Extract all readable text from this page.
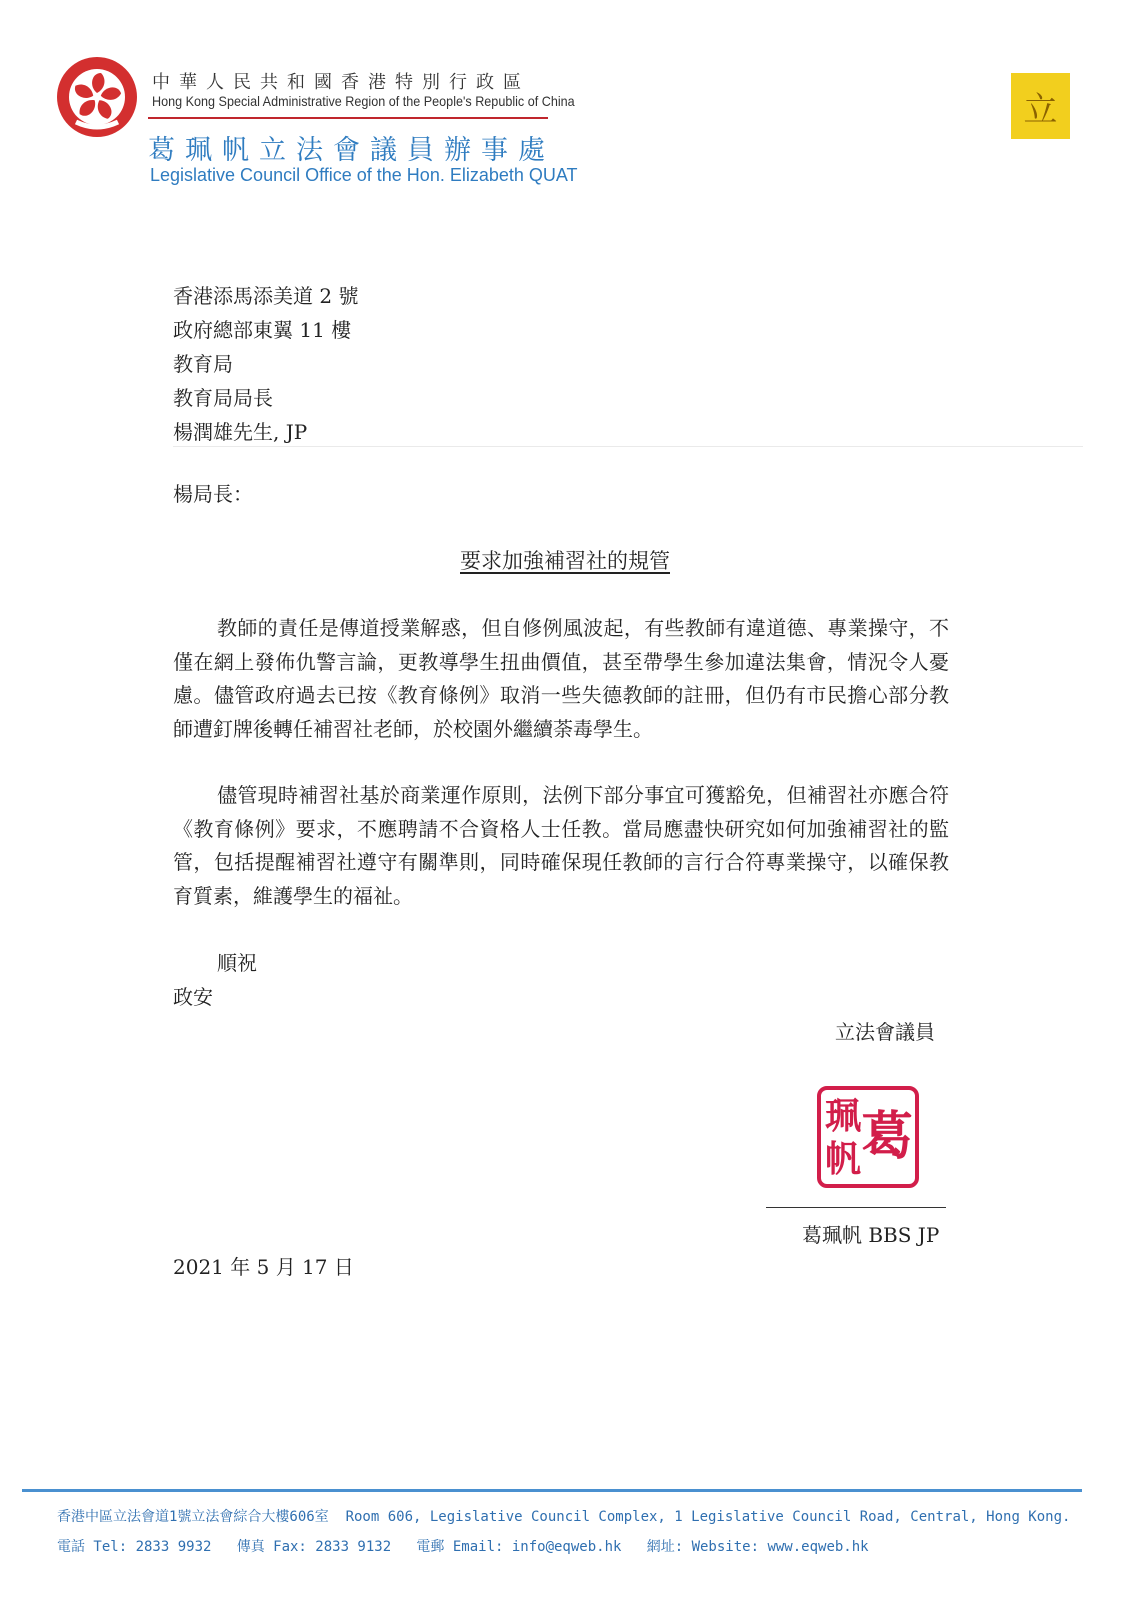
中華人民共和國香港特別行政區
Hong Kong Special Administrative Region of the People's Republic of China
葛珮帆立法會議員辦事處
Legislative Council Office of the Hon. Elizabeth QUAT
立
香港添馬添美道 2 號
政府總部東翼 11 樓
教育局
教育局局長
楊潤雄先生, JP
楊局長：
要求加強補習社的規管
教師的責任是傳道授業解惑，但自修例風波起，有些教師有違道德、專業操守，不僅在網上發佈仇警言論，更教導學生扭曲價值，甚至帶學生參加違法集會，情況令人憂慮。儘管政府過去已按《教育條例》取消一些失德教師的註冊，但仍有市民擔心部分教師遭釘牌後轉任補習社老師，於校園外繼續荼毒學生。
儘管現時補習社基於商業運作原則，法例下部分事宜可獲豁免，但補習社亦應合符《教育條例》要求，不應聘請不合資格人士任教。當局應盡快研究如何加強補習社的監管，包括提醒補習社遵守有關準則，同時確保現任教師的言行合符專業操守，以確保教育質素，維護學生的福祉。
順祝
政安
立法會議員
珮 葛
帆
葛珮帆 BBS JP
2021 年 5 月 17 日
香港中區立法會道1號立法會綜合大樓606室  Room 606, Legislative Council Complex, 1 Legislative Council Road, Central, Hong Kong.
電話 Tel: 2833 9932   傳真 Fax: 2833 9132   電郵 Email: info@eqweb.hk   網址: Website: www.eqweb.hk
